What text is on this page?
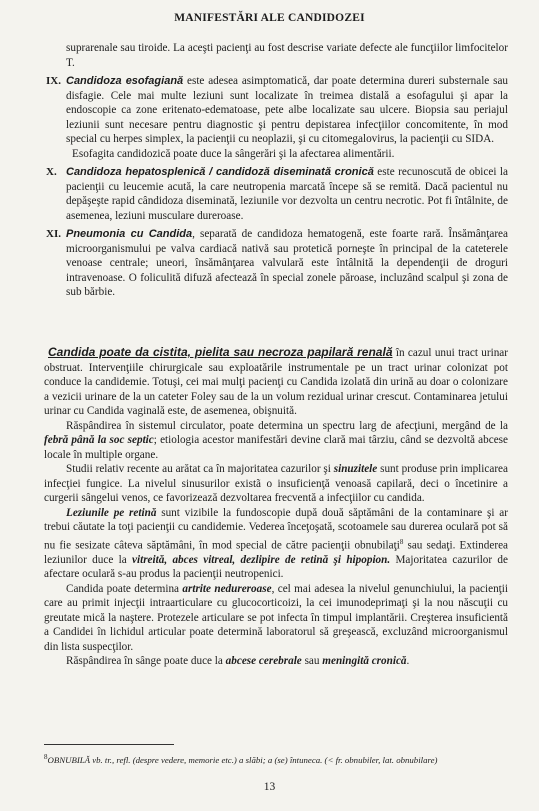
MANIFESTĂRI ALE CANDIDOZEI

suprarenale sau tiroide. La aceşti pacienţi au fost descrise variate defecte ale funcţiilor limfocitelor T.

IX. Candidoza esofagiană este adesea asimptomatică, dar poate determina dureri substernale sau disfagie. Cele mai multe leziuni sunt localizate în treimea distală a esofagului şi apar la endoscopie ca zone eritenato-edematoase, pete albe localizate sau ulcere. Biopsia sau periajul leziunii sunt necesare pentru diagnostic şi pentru depistarea infecţiilor concomitente, în mod special cu herpes simplex, la pacienţii cu neoplazii, şi cu citomegalovirus, la pacienţii cu SIDA.

Esofagita candidozică poate duce la sângerări şi la afectarea alimentării.

X. Candidoza hepatosplenică / candidoză diseminată cronică este recunoscută de obicei la pacienţii cu leucemie acută, la care neutropenia marcată începe să se remită. Dacă pacientul nu depăşeşte rapid cândidoza diseminată, leziunile vor dezvolta un centru necrotic. Pot fi întâlnite, de asemenea, leziuni musculare dureroase.
XI. Pneumonia cu Candida, separată de candidoza hematogenă, este foarte rară. Însămânţarea microorganismului pe valva cardiacă nativă sau protetică porneşte în principal de la cateterele venoase centrale; uneori, însămânţarea valvulară este întâlnită la dependenţii de droguri intravenoase. O foliculită difuză afectează în special zonele păroase, incluzând scalpul şi zona de sub bărbie.

Candida poate da cistita, pielita sau necroza papilară renală în cazul unui tract urinar obstruat. Intervenţiile chirurgicale sau exploatările instrumentale pe un tract urinar colonizat pot conduce la candidemie. Totuşi, cei mai mulţi pacienţi cu Candida izolată din urină au doar o colonizare a vezicii urinare de la un cateter Foley sau de la un volum rezidual urinar crescut. Contaminarea jetului urinar cu Candida vaginală este, de asemenea, obişnuită.

Răspândirea în sistemul circulator, poate determina un spectru larg de afecţiuni, mergând de la febră până la soc septic; etiologia acestor manifestări devine clară mai târziu, când se dezvoltă abcese locale în multiple organe.

Studii relativ recente au arătat ca în majoritatea cazurilor şi sinuzitele sunt produse prin implicarea infecţiei fungice. La nivelul sinusurilor existã o insuficienţă venoasă capilară, deci o încetinire a curgerii sângelui venos, ce favorizează dezvoltarea frecventă a infecţiilor cu candida.

Leziunile pe retină sunt vizibile la fundoscopie după două săptămâni de la contaminare şi ar trebui căutate la toţi pacienţii cu candidemie. Vederea înceţoşată, scotoamele sau durerea oculară pot să nu fie sesizate câteva săptămâni, în mod special de către pacienţii obnubilaţi$^8$ sau sedaţi. Extinderea leziunilor duce la vitreită, abces vitreal, dezlipire de retină şi hipopion. Majoritatea cazurilor de afectare oculară s-au produs la pacienţii neutropenici.

Candida poate determina artrite nedureroase, cel mai adesea la nivelul genunchiului, la pacienţii care au primit injecţii intraarticulare cu glucocorticoizi, la cei imunodeprimaţi şi la nou născuţii cu greutate mică la naştere. Protezele articulare se pot infecta în timpul implantării. Creşterea insuficientă a Candidei în lichidul articular poate determină laboratorul să greşească, excluzând microorganismul din lista suspecţilor.

Răspândirea în sânge poate duce la abcese cerebrale sau meningită cronică.

$^8$OBNUBILĂ vb. tr., refl. (despre vedere, memorie etc.) a slăbi; a (se) întuneca. (< fr. obnubiler, lat. obnubilare)
13
